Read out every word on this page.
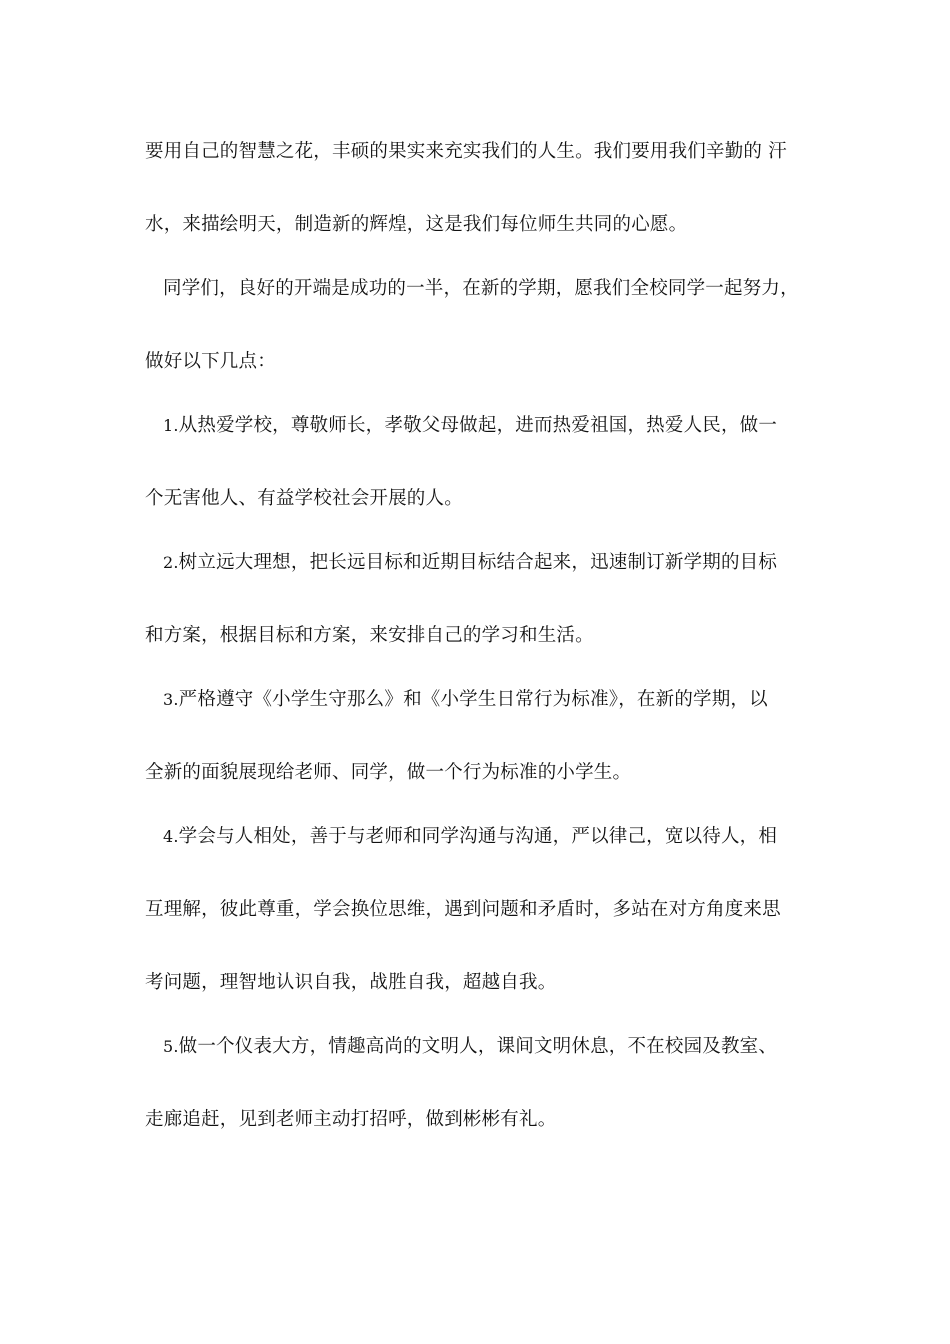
要用自己的智慧之花，丰硕的果实来充实我们的人生。我们要用我们辛勤的 汗
水，来描绘明天，制造新的辉煌，这是我们每位师生共同的心愿。
同学们，良好的开端是成功的一半，在新的学期，愿我们全校同学一起努力，
做好以下几点：
1.从热爱学校，尊敬师长，孝敬父母做起，进而热爱祖国，热爱人民，做一
个无害他人、有益学校社会开展的人。
2.树立远大理想，把长远目标和近期目标结合起来，迅速制订新学期的目标
和方案，根据目标和方案，来安排自己的学习和生活。
3.严格遵守《小学生守那么》和《小学生日常行为标准》，在新的学期，以
全新的面貌展现给老师、同学，做一个行为标准的小学生。
4.学会与人相处，善于与老师和同学沟通与沟通，严以律己，宽以待人，相
互理解，彼此尊重，学会换位思维，遇到问题和矛盾时，多站在对方角度来思
考问题，理智地认识自我，战胜自我，超越自我。
5.做一个仪表大方，情趣高尚的文明人，课间文明休息，不在校园及教室、
走廊追赶，见到老师主动打招呼，做到彬彬有礼。
